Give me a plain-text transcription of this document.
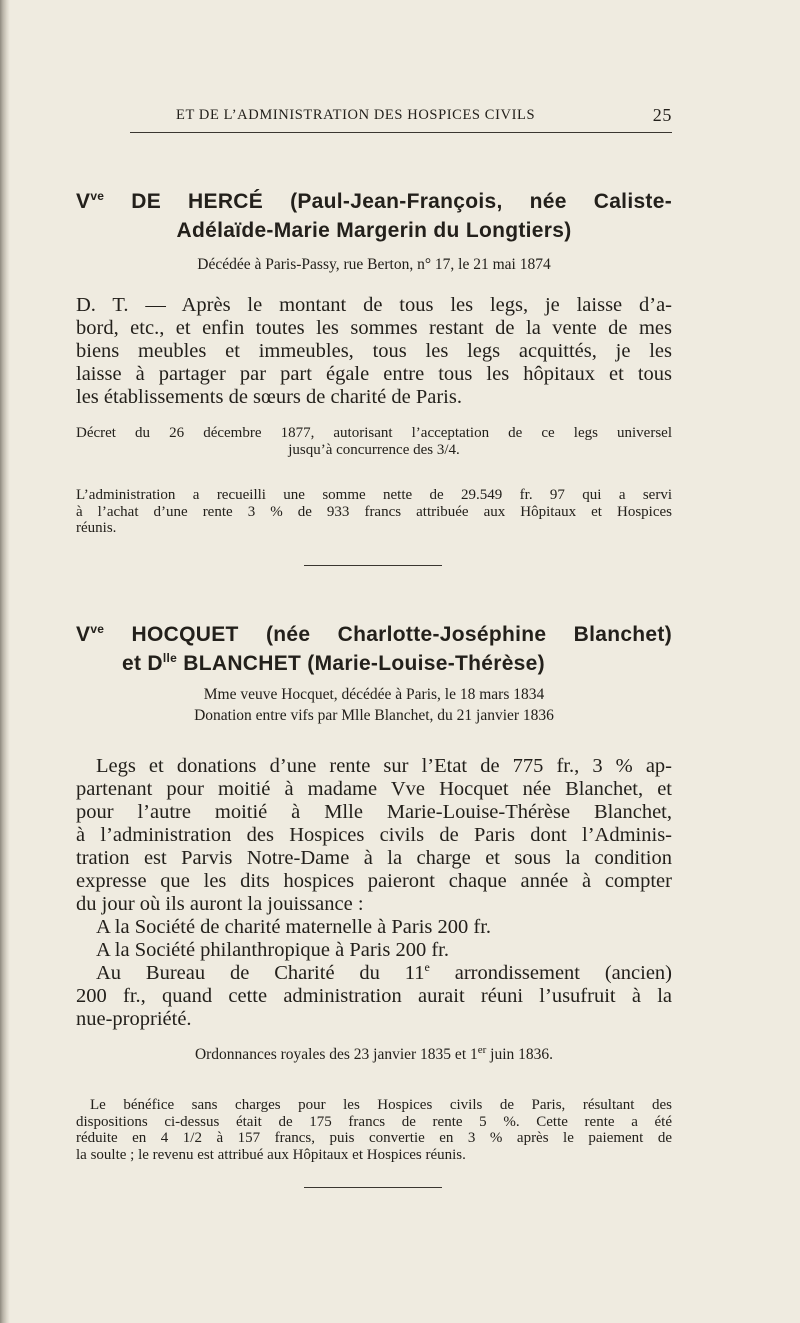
ET DE L’ADMINISTRATION DES HOSPICES CIVILS	25
$V^{ve}$ DE HERCÉ (Paul-Jean-François, née Caliste-
Adélaïde-Marie Margerin du Longtiers)
Décédée à Paris-Passy, rue Berton, n° 17, le 21 mai 1874
D. T. — Après le montant de tous les legs, je laisse d’a-
bord, etc., et enfin toutes les sommes restant de la vente de mes
biens meubles et immeubles, tous les legs acquittés, je les
laisse à partager par part égale entre tous les hôpitaux et tous
les établissements de sœurs de charité de Paris.
Décret du 26 décembre 1877, autorisant l’acceptation de ce legs universel
jusqu’à concurrence des 3/4.
L’administration a recueilli une somme nette de 29.549 fr. 97 qui a servi
à l’achat d’une rente 3 % de 933 francs attribuée aux Hôpitaux et Hospices
réunis.
$V^{ve}$ HOCQUET (née Charlotte-Joséphine Blanchet)
et $D^{lle}$ BLANCHET (Marie-Louise-Thérèse)
Mme veuve Hocquet, décédée à Paris, le 18 mars 1834
Donation entre vifs par Mlle Blanchet, du 21 janvier 1836
Legs et donations d’une rente sur l’Etat de 775 fr., 3 % ap-
partenant pour moitié à madame Vve Hocquet née Blanchet, et
pour l’autre moitié à Mlle Marie-Louise-Thérèse Blanchet,
à l’administration des Hospices civils de Paris dont l’Adminis-
tration est Parvis Notre-Dame à la charge et sous la condition
expresse que les dits hospices paieront chaque année à compter
du jour où ils auront la jouissance :
A la Société de charité maternelle à Paris 200 fr.
A la Société philanthropique à Paris 200 fr.
Au Bureau de Charité du 11e arrondissement (ancien)
200 fr., quand cette administration aurait réuni l’usufruit à la
nue-propriété.
Ordonnances royales des 23 janvier 1835 et 1er juin 1836.
Le bénéfice sans charges pour les Hospices civils de Paris, résultant des
dispositions ci-dessus était de 175 francs de rente 5 %. Cette rente a été
réduite en 4 1/2 à 157 francs, puis convertie en 3 % après le paiement de
la soulte ; le revenu est attribué aux Hôpitaux et Hospices réunis.
